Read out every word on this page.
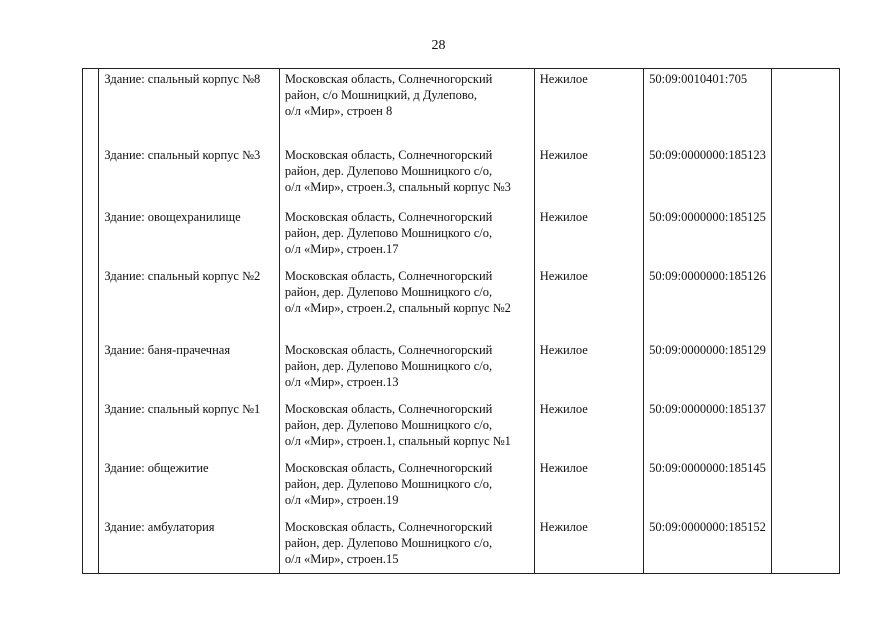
28
	Здание: спальный корпус №8	Московская область, Солнечногорский
район, с/о Мошницкий, д Дулепово,
о/л «Мир», строен 8	Нежилое	50:09:0010401:705	
	Здание: спальный корпус №3	Московская область, Солнечногорский
район, дер. Дулепово Мошницкого с/о,
о/л «Мир», строен.3, спальный корпус №3	Нежилое	50:09:0000000:185123	
	Здание: овощехранилище	Московская область, Солнечногорский
район, дер. Дулепово Мошницкого с/о,
о/л «Мир», строен.17	Нежилое	50:09:0000000:185125	
	Здание: спальный корпус №2	Московская область, Солнечногорский
район, дер. Дулепово Мошницкого с/о,
о/л «Мир», строен.2, спальный корпус №2	Нежилое	50:09:0000000:185126	
	Здание: баня-прачечная	Московская область, Солнечногорский
район, дер. Дулепово Мошницкого с/о,
о/л «Мир», строен.13	Нежилое	50:09:0000000:185129	
	Здание: спальный корпус №1	Московская область, Солнечногорский
район, дер. Дулепово Мошницкого с/о,
о/л «Мир», строен.1, спальный корпус №1	Нежилое	50:09:0000000:185137	
	Здание: общежитие	Московская область, Солнечногорский
район, дер. Дулепово Мошницкого с/о,
о/л «Мир», строен.19	Нежилое	50:09:0000000:185145	
	Здание: амбулатория	Московская область, Солнечногорский
район, дер. Дулепово Мошницкого с/о,
о/л «Мир», строен.15	Нежилое	50:09:0000000:185152	
